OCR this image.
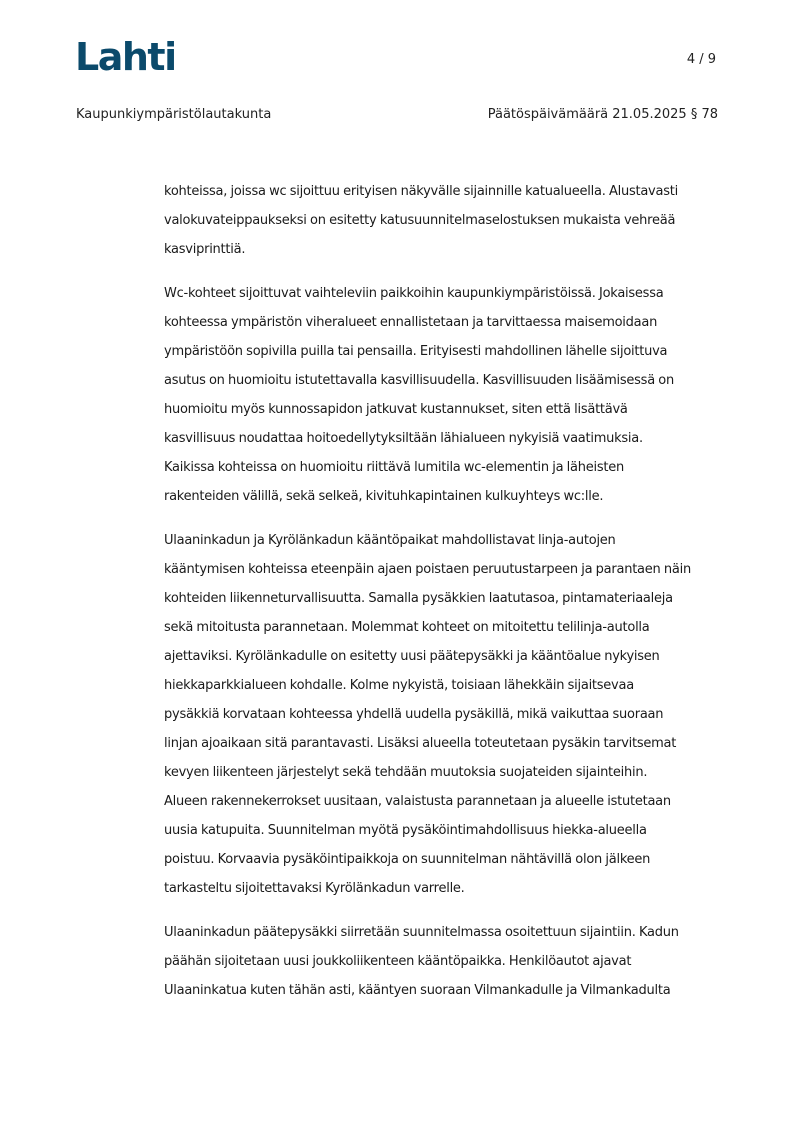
Lahti	4 / 9
Kaupunkiympäristölautakunta	Päätöspäivämäärä 21.05.2025 § 78

kohteissa, joissa wc sijoittuu erityisen näkyvälle sijainnille katualueella. Alustavasti
valokuvateippaukseksi on esitetty katusuunnitelmaselostuksen mukaista vehreää
kasviprinttiä.

Wc-kohteet sijoittuvat vaihteleviin paikkoihin kaupunkiympäristöissä. Jokaisessa
kohteessa ympäristön viheralueet ennallistetaan ja tarvittaessa maisemoidaan
ympäristöön sopivilla puilla tai pensailla. Erityisesti mahdollinen lähelle sijoittuva
asutus on huomioitu istutettavalla kasvillisuudella. Kasvillisuuden lisäämisessä on
huomioitu myös kunnossapidon jatkuvat kustannukset, siten että lisättävä
kasvillisuus noudattaa hoitoedellytyksiltään lähialueen nykyisiä vaatimuksia.
Kaikissa kohteissa on huomioitu riittävä lumitila wc-elementin ja läheisten
rakenteiden välillä, sekä selkeä, kivituhkapintainen kulkuyhteys wc:lle.

Ulaaninkadun ja Kyrölänkadun kääntöpaikat mahdollistavat linja-autojen
kääntymisen kohteissa eteenpäin ajaen poistaen peruutustarpeen ja parantaen näin
kohteiden liikenneturvallisuutta. Samalla pysäkkien laatutasoa, pintamateriaaleja
sekä mitoitusta parannetaan. Molemmat kohteet on mitoitettu telilinja-autolla
ajettaviksi. Kyrölänkadulle on esitetty uusi päätepysäkki ja kääntöalue nykyisen
hiekkaparkkialueen kohdalle. Kolme nykyistä, toisiaan lähekkäin sijaitsevaa
pysäkkiä korvataan kohteessa yhdellä uudella pysäkillä, mikä vaikuttaa suoraan
linjan ajoaikaan sitä parantavasti. Lisäksi alueella toteutetaan pysäkin tarvitsemat
kevyen liikenteen järjestelyt sekä tehdään muutoksia suojateiden sijainteihin.
Alueen rakennekerrokset uusitaan, valaistusta parannetaan ja alueelle istutetaan
uusia katupuita. Suunnitelman myötä pysäköintimahdollisuus hiekka-alueella
poistuu. Korvaavia pysäköintipaikkoja on suunnitelman nähtävillä olon jälkeen
tarkasteltu sijoitettavaksi Kyrölänkadun varrelle.

Ulaaninkadun päätepysäkki siirretään suunnitelmassa osoitettuun sijaintiin. Kadun
päähän sijoitetaan uusi joukkoliikenteen kääntöpaikka. Henkilöautot ajavat
Ulaaninkatua kuten tähän asti, kääntyen suoraan Vilmankadulle ja Vilmankadulta
